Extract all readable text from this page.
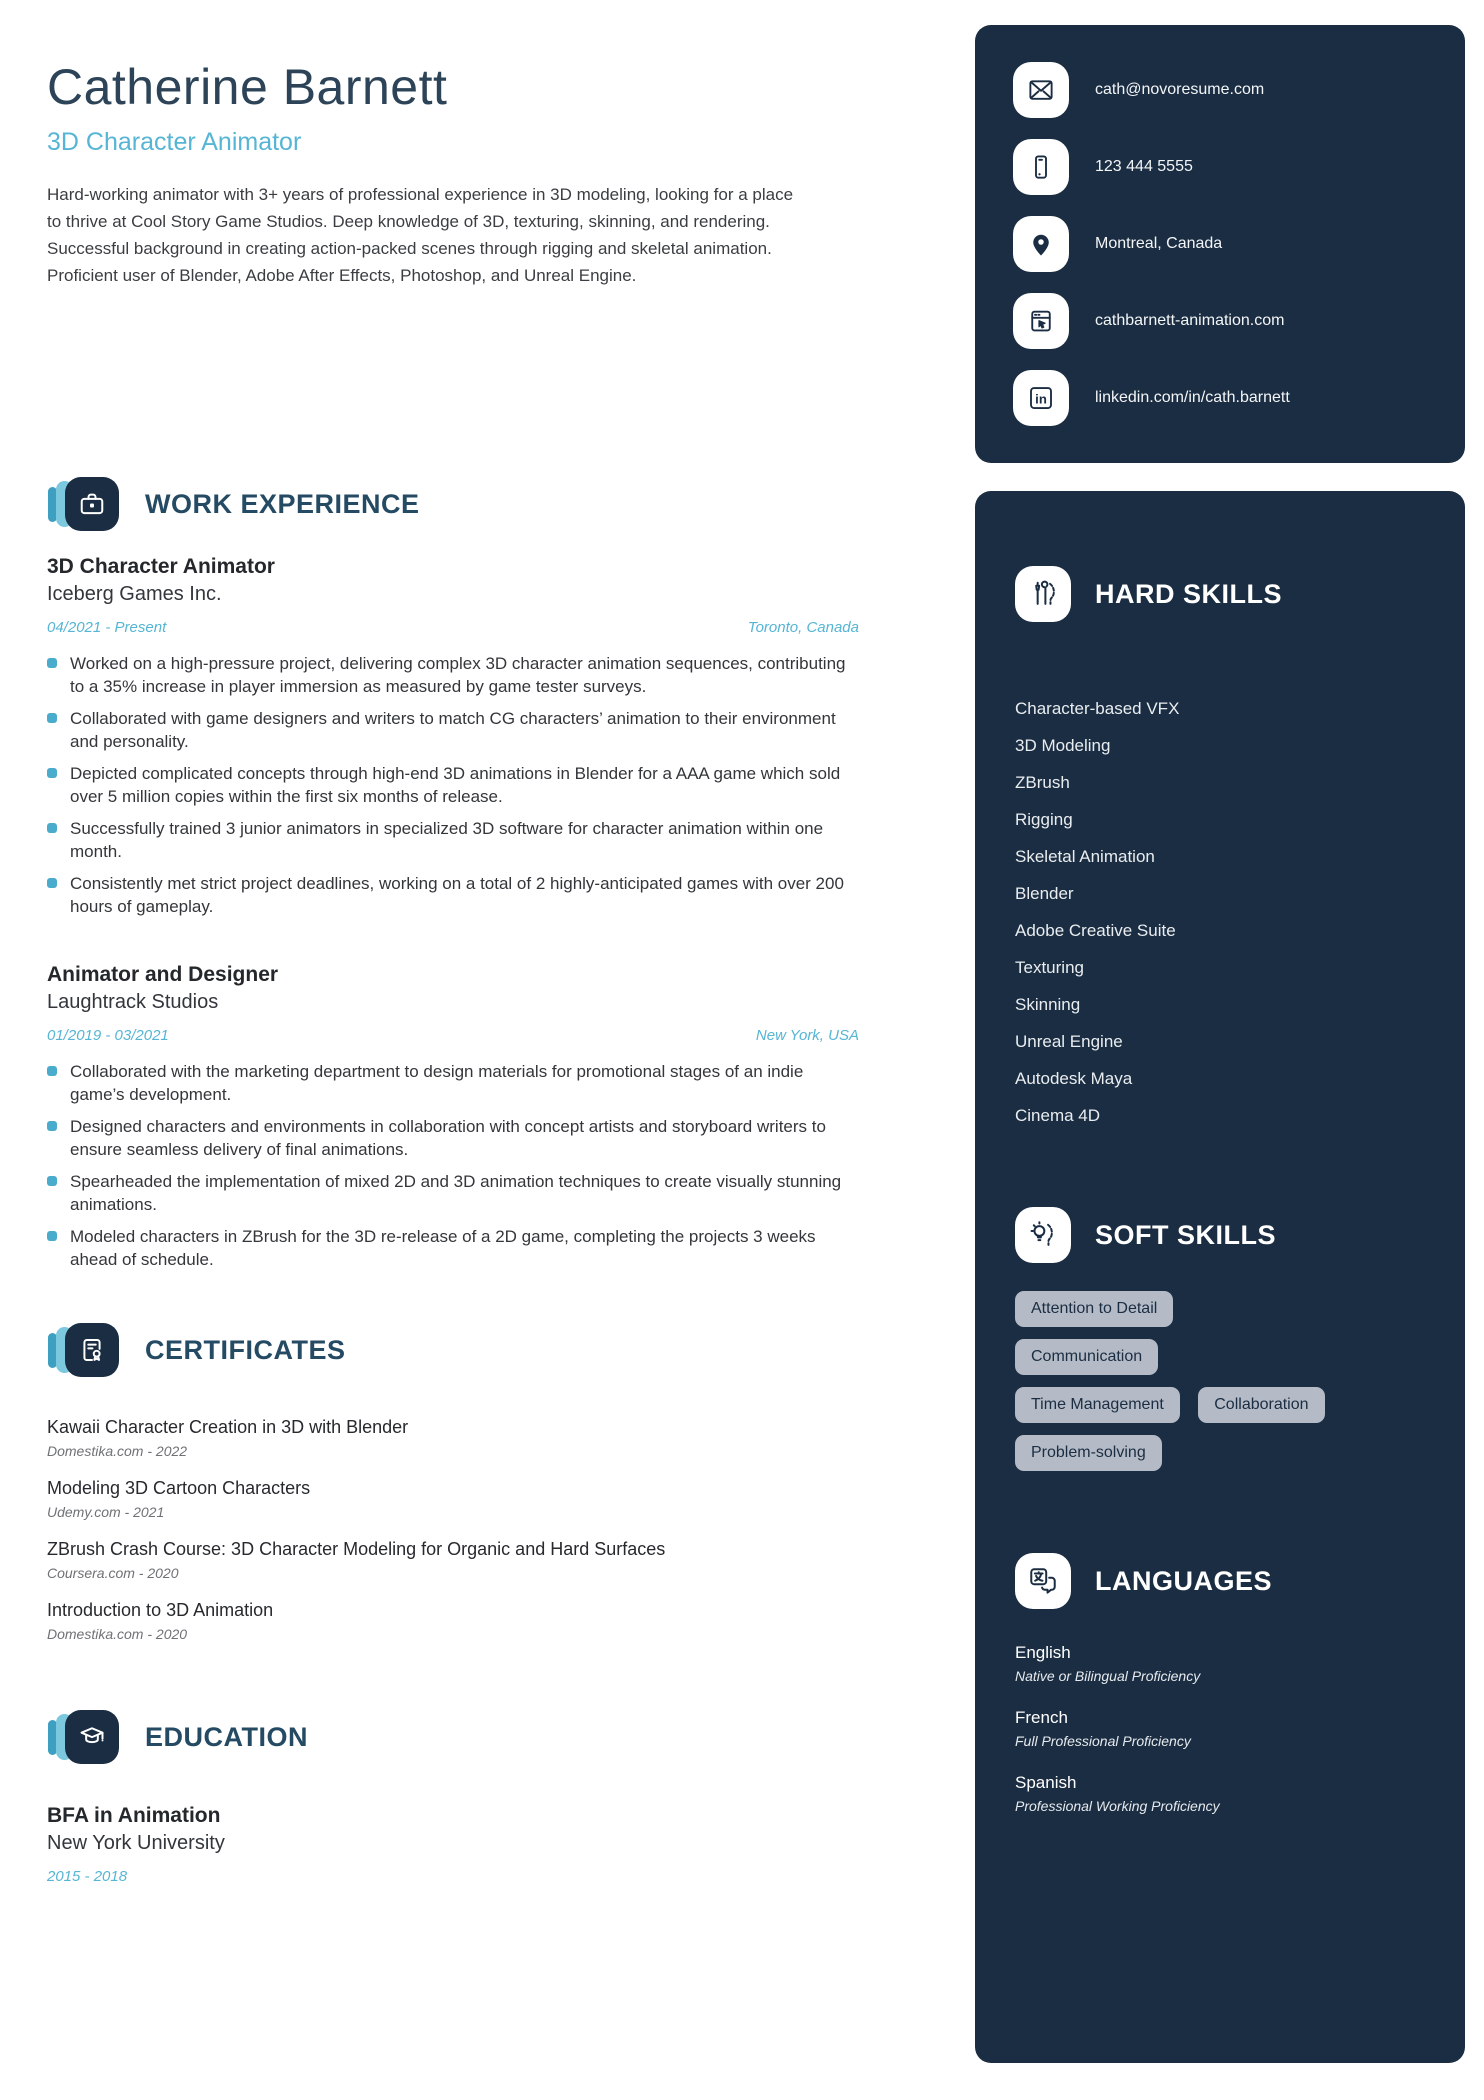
Catherine Barnett
3D Character Animator
Hard-working animator with 3+ years of professional experience in 3D modeling, looking for a place to thrive at Cool Story Game Studios. Deep knowledge of 3D, texturing, skinning, and rendering. Successful background in creating action-packed scenes through rigging and skeletal animation. Proficient user of Blender, Adobe After Effects, Photoshop, and Unreal Engine.
WORK EXPERIENCE
3D Character Animator
Iceberg Games Inc.
04/2021 - Present	Toronto, Canada
Worked on a high-pressure project, delivering complex 3D character animation sequences, contributing to a 35% increase in player immersion as measured by game tester surveys.
Collaborated with game designers and writers to match CG characters’ animation to their environment and personality.
Depicted complicated concepts through high-end 3D animations in Blender for a AAA game which sold over 5 million copies within the first six months of release.
Successfully trained 3 junior animators in specialized 3D software for character animation within one month.
Consistently met strict project deadlines, working on a total of 2 highly-anticipated games with over 200 hours of gameplay.
Animator and Designer
Laughtrack Studios
01/2019 - 03/2021	New York, USA
Collaborated with the marketing department to design materials for promotional stages of an indie game’s development.
Designed characters and environments in collaboration with concept artists and storyboard writers to ensure seamless delivery of final animations.
Spearheaded the implementation of mixed 2D and 3D animation techniques to create visually stunning animations.
Modeled characters in ZBrush for the 3D re-release of a 2D game, completing the projects 3 weeks ahead of schedule.
CERTIFICATES
Kawaii Character Creation in 3D with Blender
Domestika.com - 2022
Modeling 3D Cartoon Characters
Udemy.com - 2021
ZBrush Crash Course: 3D Character Modeling for Organic and Hard Surfaces
Coursera.com - 2020
Introduction to 3D Animation
Domestika.com - 2020
EDUCATION
BFA in Animation
New York University
2015 - 2018
cath@novoresume.com
123 444 5555
Montreal, Canada
cathbarnett-animation.com
in	linkedin.com/in/cath.barnett
HARD SKILLS
Character-based VFX
3D Modeling
ZBrush
Rigging
Skeletal Animation
Blender
Adobe Creative Suite
Texturing
Skinning
Unreal Engine
Autodesk Maya
Cinema 4D
SOFT SKILLS
Attention to Detail
Communication
Time Management	Collaboration
Problem-solving
LANGUAGES
English
Native or Bilingual Proficiency
French
Full Professional Proficiency
Spanish
Professional Working Proficiency
